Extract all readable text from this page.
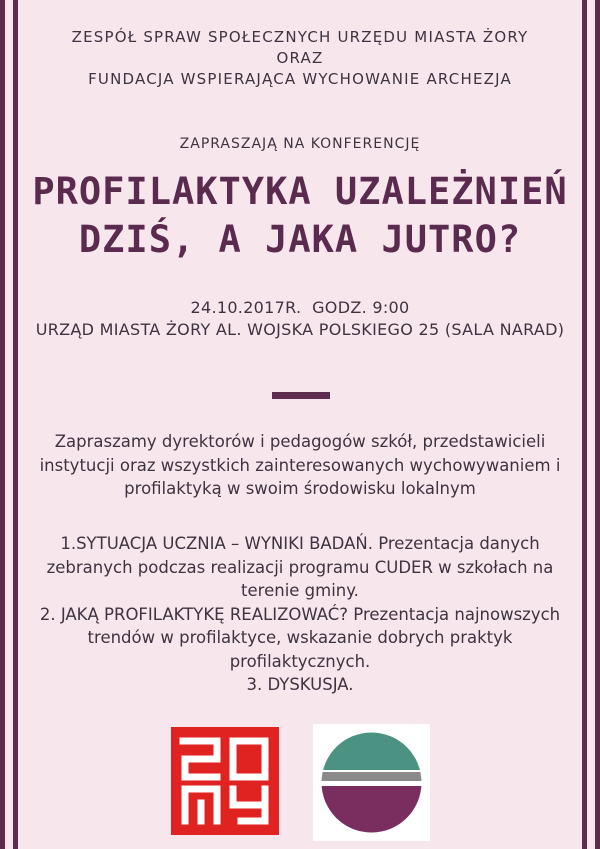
ZESPÓŁ SPRAW SPOŁECZNYCH URZĘDU MIASTA ŻORY
ORAZ
FUNDACJA WSPIERAJĄCA WYCHOWANIE ARCHEZJA
ZAPRASZAJĄ NA KONFERENCJĘ
PROFILAKTYKA UZALEŻNIEŃ
DZIŚ, A JAKA JUTRO?
24.10.2017R.  GODZ. 9:00
URZĄD MIASTA ŻORY AL. WOJSKA POLSKIEGO 25 (SALA NARAD)
Zapraszamy dyrektorów i pedagogów szkół, przedstawicieli instytucji oraz wszystkich zainteresowanych wychowywaniem i profilaktyką w swoim środowisku lokalnym
1.SYTUACJA UCZNIA – WYNIKI BADAŃ. Prezentacja danych zebranych podczas realizacji programu CUDER w szkołach na terenie gminy.
2. JAKĄ PROFILAKTYKĘ REALIZOWAĆ? Prezentacja najnowszych trendów w profilaktyce, wskazanie dobrych praktyk profilaktycznych.
3. DYSKUSJA.
